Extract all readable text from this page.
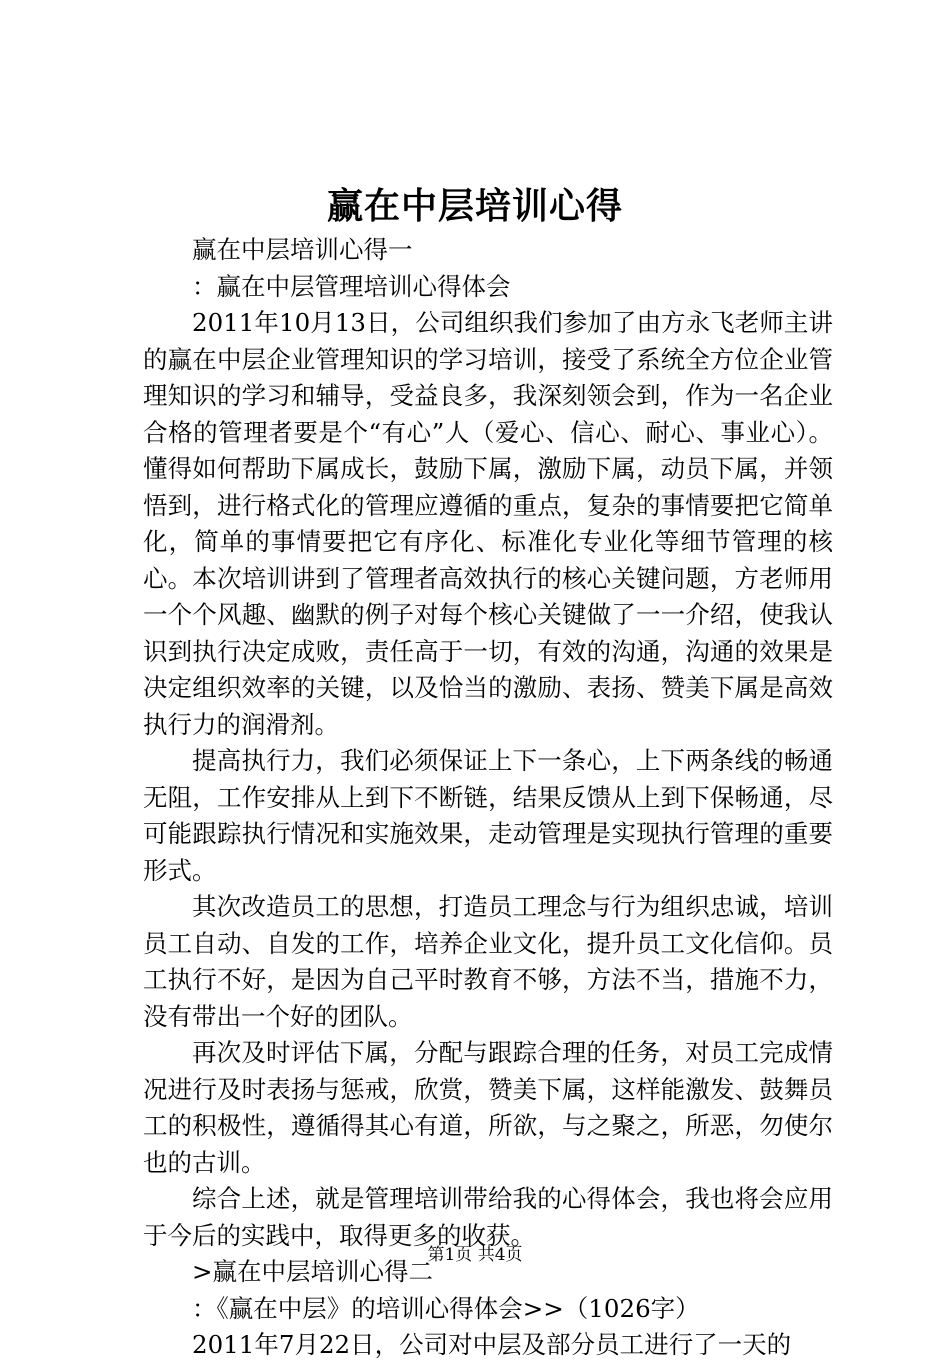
赢在中层培训心得

赢在中层培训心得一

：赢在中层管理培训心得体会

2011年10月13日，公司组织我们参加了由方永飞老师主讲的赢在中层企业管理知识的学习培训，接受了系统全方位企业管理知识的学习和辅导，受益良多，我深刻领会到，作为一名企业合格的管理者要是个“有心”人（爱心、信心、耐心、事业心）。懂得如何帮助下属成长，鼓励下属，激励下属，动员下属，并领悟到，进行格式化的管理应遵循的重点，复杂的事情要把它简单化，简单的事情要把它有序化、标准化专业化等细节管理的核心。本次培训讲到了管理者高效执行的核心关键问题，方老师用一个个风趣、幽默的例子对每个核心关键做了一一介绍，使我认识到执行决定成败，责任高于一切，有效的沟通，沟通的效果是决定组织效率的关键，以及恰当的激励、表扬、赞美下属是高效执行力的润滑剂。

提高执行力，我们必须保证上下一条心，上下两条线的畅通无阻，工作安排从上到下不断链，结果反馈从上到下保畅通，尽可能跟踪执行情况和实施效果，走动管理是实现执行管理的重要形式。

其次改造员工的思想，打造员工理念与行为组织忠诚，培训员工自动、自发的工作，培养企业文化，提升员工文化信仰。员工执行不好，是因为自己平时教育不够，方法不当，措施不力，没有带出一个好的团队。

再次及时评估下属，分配与跟踪合理的任务，对员工完成情况进行及时表扬与惩戒，欣赏，赞美下属，这样能激发、鼓舞员工的积极性，遵循得其心有道，所欲，与之聚之，所恶，勿使尔也的古训。

综合上述，就是管理培训带给我的心得体会，我也将会应用于今后的实践中，取得更多的收获。

>赢在中层培训心得二

：《赢在中层》的培训心得体会>>（1026字）

2011年7月22日，公司对中层及部分员工进行了一天的

第1页 共4页
